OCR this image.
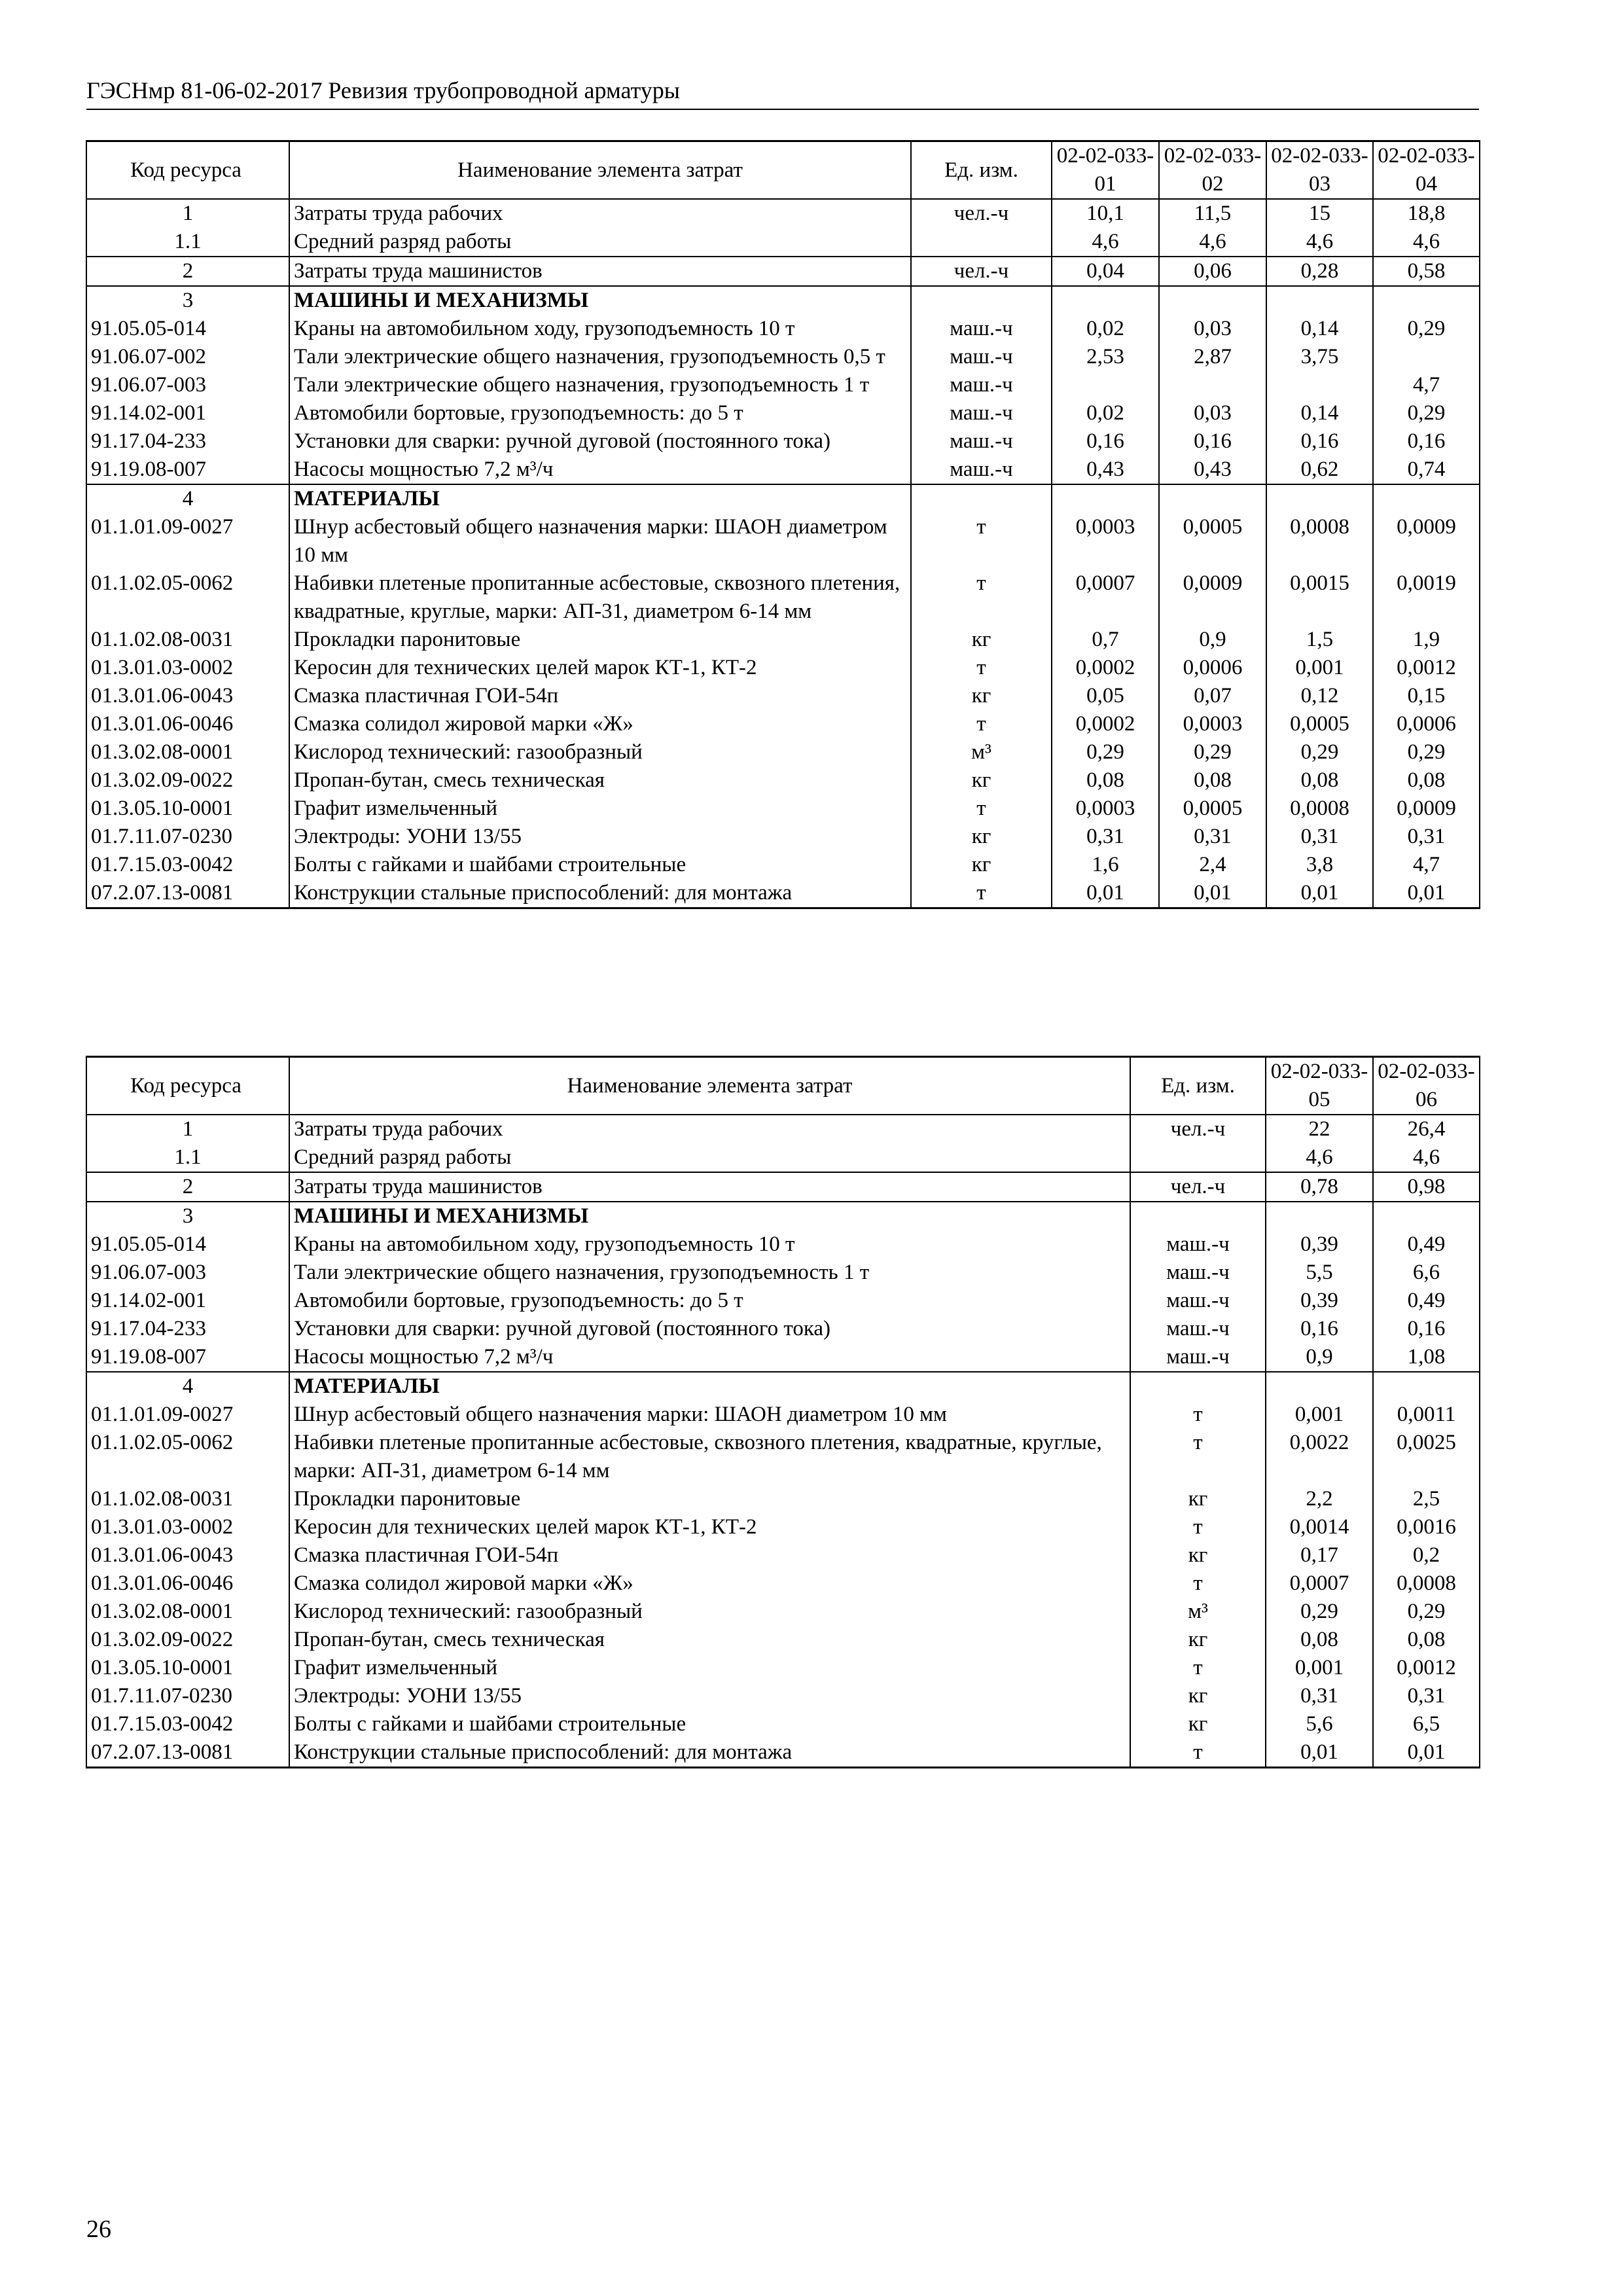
ГЭСНмр 81-06-02-2017 Ревизия трубопроводной арматуры
Код ресурса	Наименование элемента затрат	Ед. изм.	02-02-033-01	02-02-033-02	02-02-033-03	02-02-033-04
1	Затраты труда рабочих	чел.-ч	10,1	11,5	15	18,8
1.1	Средний разряд работы		4,6	4,6	4,6	4,6
2	Затраты труда машинистов	чел.-ч	0,04	0,06	0,28	0,58
3	МАШИНЫ И МЕХАНИЗМЫ					
91.05.05-014	Краны на автомобильном ходу, грузоподъемность 10 т	маш.-ч	0,02	0,03	0,14	0,29
91.06.07-002	Тали электрические общего назначения, грузоподъемность 0,5 т	маш.-ч	2,53	2,87	3,75	
91.06.07-003	Тали электрические общего назначения, грузоподъемность 1 т	маш.-ч				4,7
91.14.02-001	Автомобили бортовые, грузоподъемность: до 5 т	маш.-ч	0,02	0,03	0,14	0,29
91.17.04-233	Установки для сварки: ручной дуговой (постоянного тока)	маш.-ч	0,16	0,16	0,16	0,16
91.19.08-007	Насосы мощностью 7,2 м³/ч	маш.-ч	0,43	0,43	0,62	0,74
4	МАТЕРИАЛЫ					
01.1.01.09-0027	Шнур асбестовый общего назначения марки: ШАОН диаметром 10 мм	т	0,0003	0,0005	0,0008	0,0009
01.1.02.05-0062	Набивки плетеные пропитанные асбестовые, сквозного плетения, квадратные, круглые, марки: АП-31, диаметром 6-14 мм	т	0,0007	0,0009	0,0015	0,0019
01.1.02.08-0031	Прокладки паронитовые	кг	0,7	0,9	1,5	1,9
01.3.01.03-0002	Керосин для технических целей марок КТ-1, КТ-2	т	0,0002	0,0006	0,001	0,0012
01.3.01.06-0043	Смазка пластичная ГОИ-54п	кг	0,05	0,07	0,12	0,15
01.3.01.06-0046	Смазка солидол жировой марки «Ж»	т	0,0002	0,0003	0,0005	0,0006
01.3.02.08-0001	Кислород технический: газообразный	м³	0,29	0,29	0,29	0,29
01.3.02.09-0022	Пропан-бутан, смесь техническая	кг	0,08	0,08	0,08	0,08
01.3.05.10-0001	Графит измельченный	т	0,0003	0,0005	0,0008	0,0009
01.7.11.07-0230	Электроды: УОНИ 13/55	кг	0,31	0,31	0,31	0,31
01.7.15.03-0042	Болты с гайками и шайбами строительные	кг	1,6	2,4	3,8	4,7
07.2.07.13-0081	Конструкции стальные приспособлений: для монтажа	т	0,01	0,01	0,01	0,01
Код ресурса	Наименование элемента затрат	Ед. изм.	02-02-033-05	02-02-033-06
1	Затраты труда рабочих	чел.-ч	22	26,4
1.1	Средний разряд работы		4,6	4,6
2	Затраты труда машинистов	чел.-ч	0,78	0,98
3	МАШИНЫ И МЕХАНИЗМЫ			
91.05.05-014	Краны на автомобильном ходу, грузоподъемность 10 т	маш.-ч	0,39	0,49
91.06.07-003	Тали электрические общего назначения, грузоподъемность 1 т	маш.-ч	5,5	6,6
91.14.02-001	Автомобили бортовые, грузоподъемность: до 5 т	маш.-ч	0,39	0,49
91.17.04-233	Установки для сварки: ручной дуговой (постоянного тока)	маш.-ч	0,16	0,16
91.19.08-007	Насосы мощностью 7,2 м³/ч	маш.-ч	0,9	1,08
4	МАТЕРИАЛЫ			
01.1.01.09-0027	Шнур асбестовый общего назначения марки: ШАОН диаметром 10 мм	т	0,001	0,0011
01.1.02.05-0062	Набивки плетеные пропитанные асбестовые, сквозного плетения, квадратные, круглые, марки: АП-31, диаметром 6-14 мм	т	0,0022	0,0025
01.1.02.08-0031	Прокладки паронитовые	кг	2,2	2,5
01.3.01.03-0002	Керосин для технических целей марок КТ-1, КТ-2	т	0,0014	0,0016
01.3.01.06-0043	Смазка пластичная ГОИ-54п	кг	0,17	0,2
01.3.01.06-0046	Смазка солидол жировой марки «Ж»	т	0,0007	0,0008
01.3.02.08-0001	Кислород технический: газообразный	м³	0,29	0,29
01.3.02.09-0022	Пропан-бутан, смесь техническая	кг	0,08	0,08
01.3.05.10-0001	Графит измельченный	т	0,001	0,0012
01.7.11.07-0230	Электроды: УОНИ 13/55	кг	0,31	0,31
01.7.15.03-0042	Болты с гайками и шайбами строительные	кг	5,6	6,5
07.2.07.13-0081	Конструкции стальные приспособлений: для монтажа	т	0,01	0,01
26
